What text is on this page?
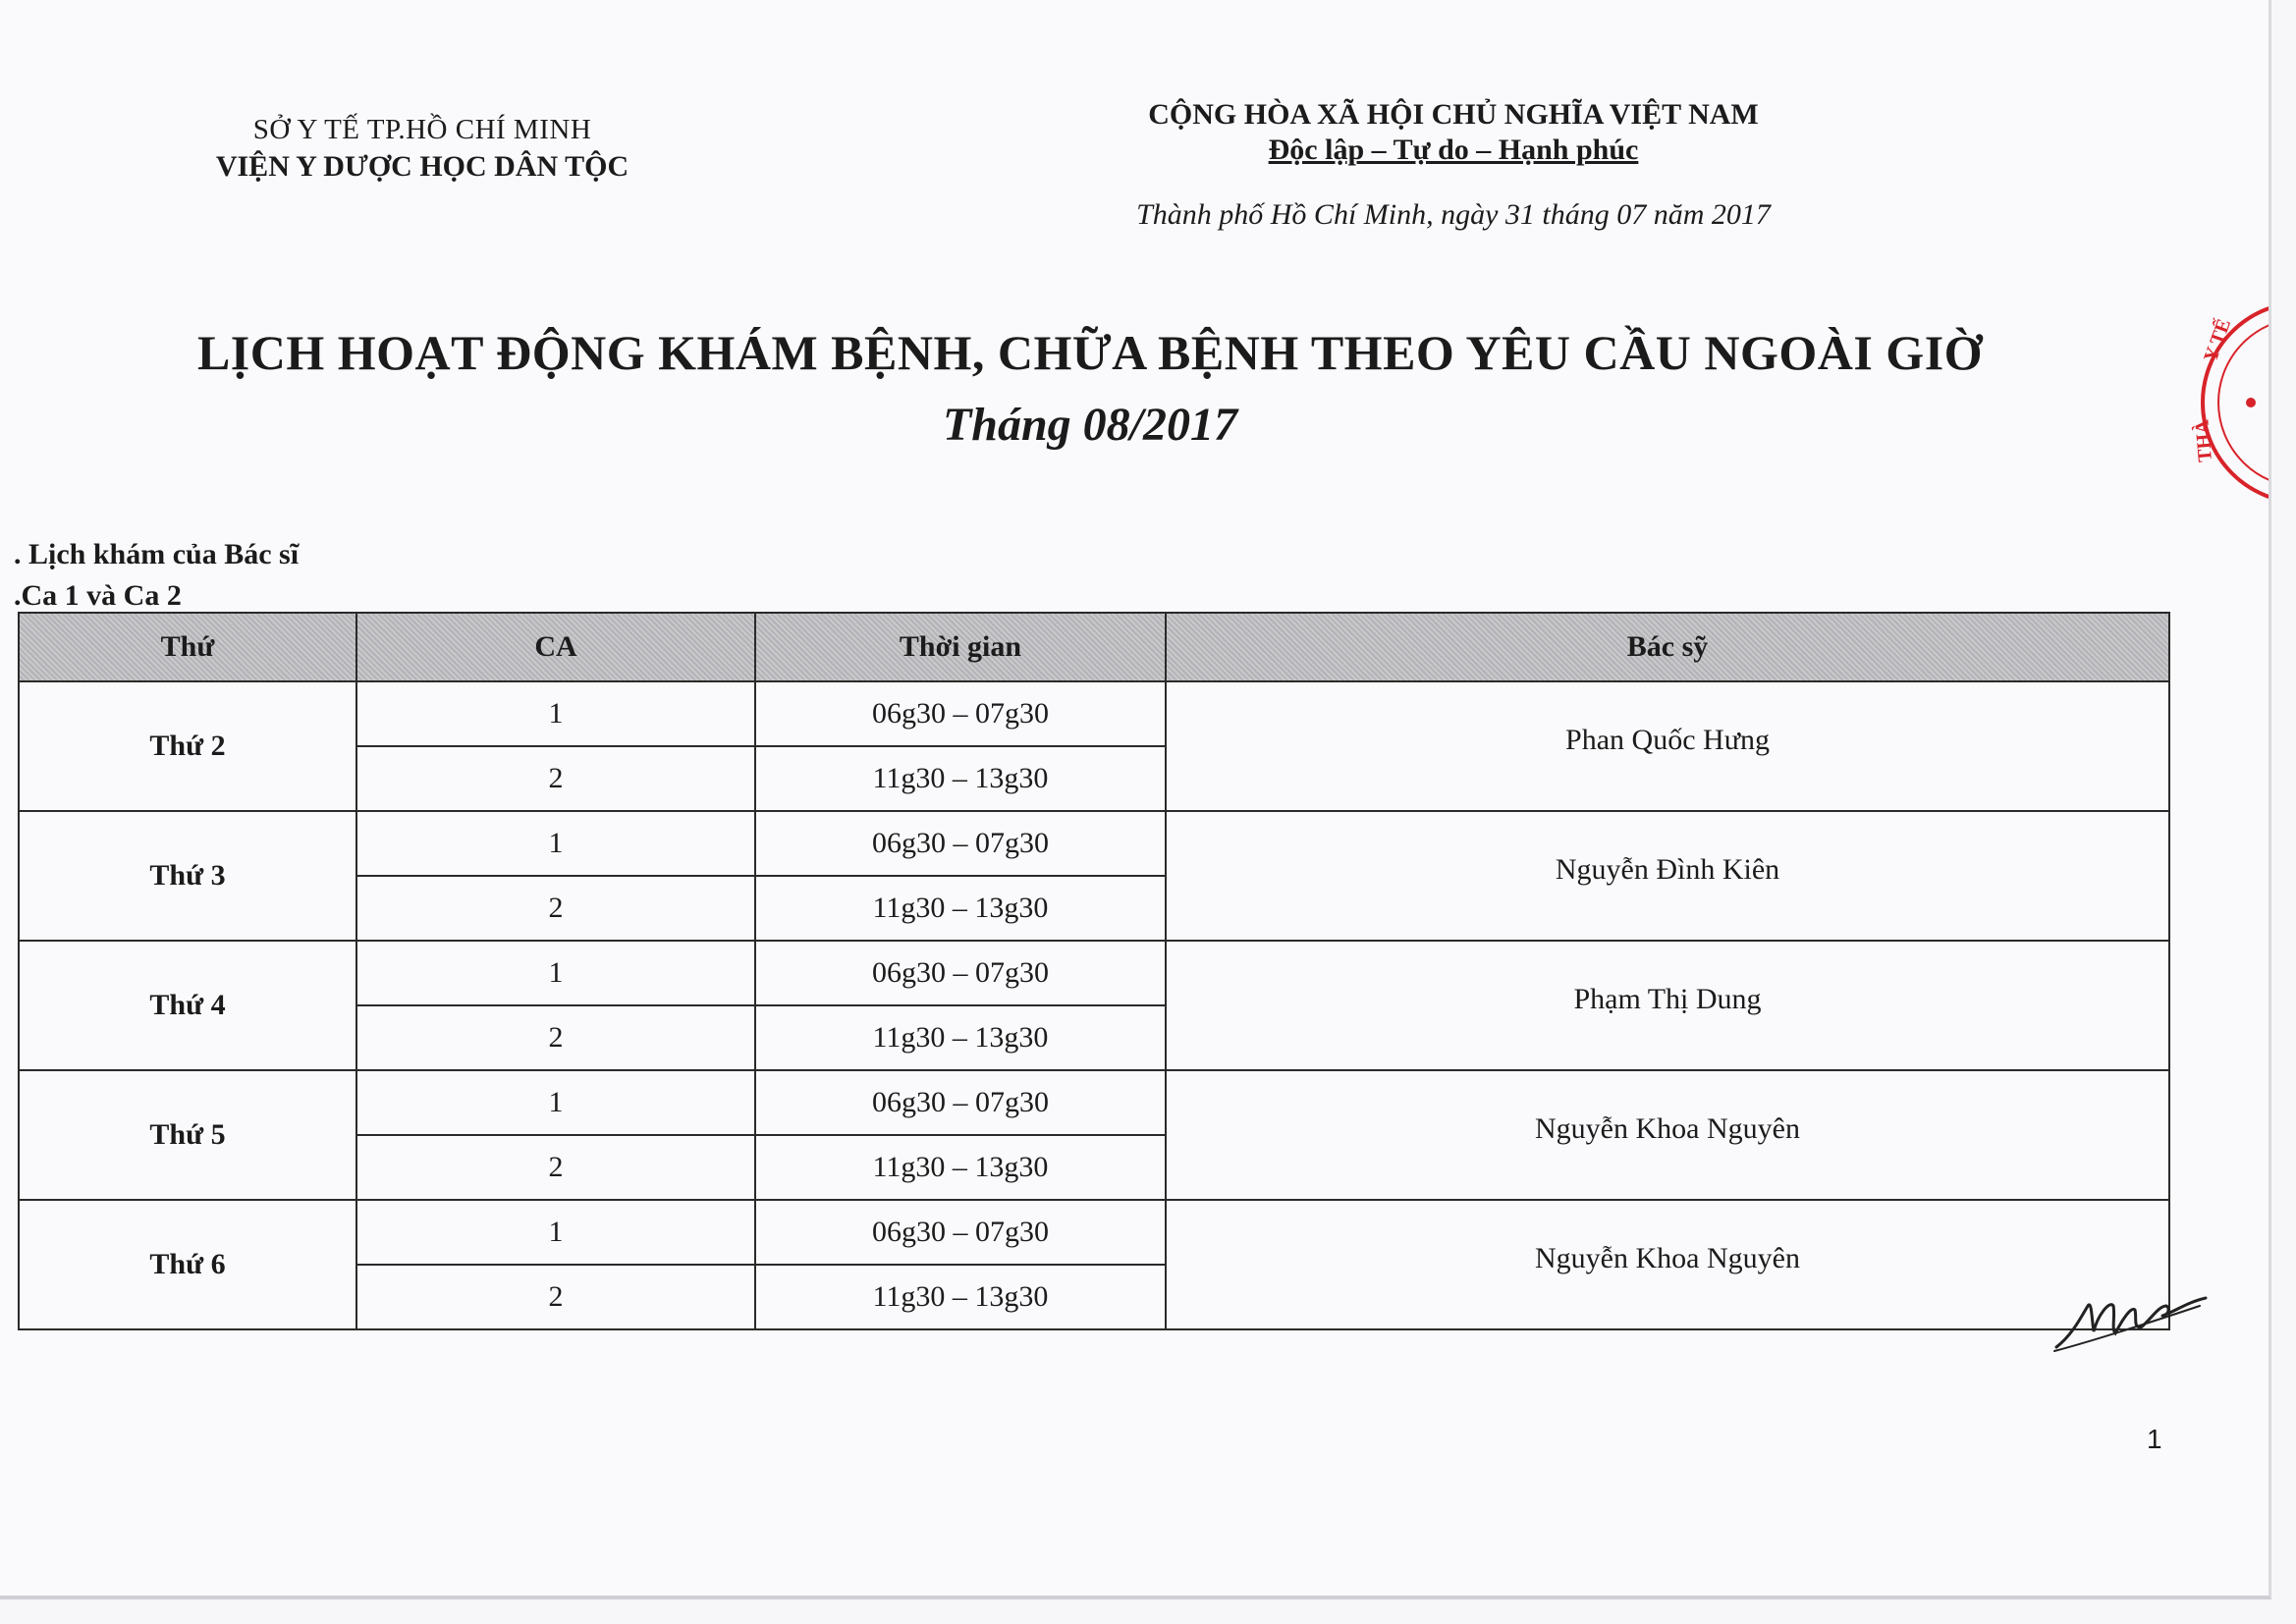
SỞ Y TẾ TP.HỒ CHÍ MINH
VIỆN Y DƯỢC HỌC DÂN TỘC
CỘNG HÒA XÃ HỘI CHỦ NGHĨA VIỆT NAM
Độc lập – Tự do – Hạnh phúc
Thành phố Hồ Chí Minh, ngày 31 tháng 07 năm 2017
LỊCH HOẠT ĐỘNG KHÁM BỆNH, CHỮA BỆNH THEO YÊU CẦU NGOÀI GIỜ
Tháng 08/2017
. Lịch khám của Bác sĩ
.Ca 1 và Ca 2
Thứ	CA	Thời gian	Bác sỹ
Thứ 2	1	06g30 – 07g30	Phan Quốc Hưng
	2	11g30 – 13g30	
Thứ 3	1	06g30 – 07g30	Nguyễn Đình Kiên
	2	11g30 – 13g30	
Thứ 4	1	06g30 – 07g30	Phạm Thị Dung
	2	11g30 – 13g30	
Thứ 5	1	06g30 – 07g30	Nguyễn Khoa Nguyên
	2	11g30 – 13g30	
Thứ 6	1	06g30 – 07g30	Nguyễn Khoa Nguyên
	2	11g30 – 13g30	
Y TẾ
THÀ
1
